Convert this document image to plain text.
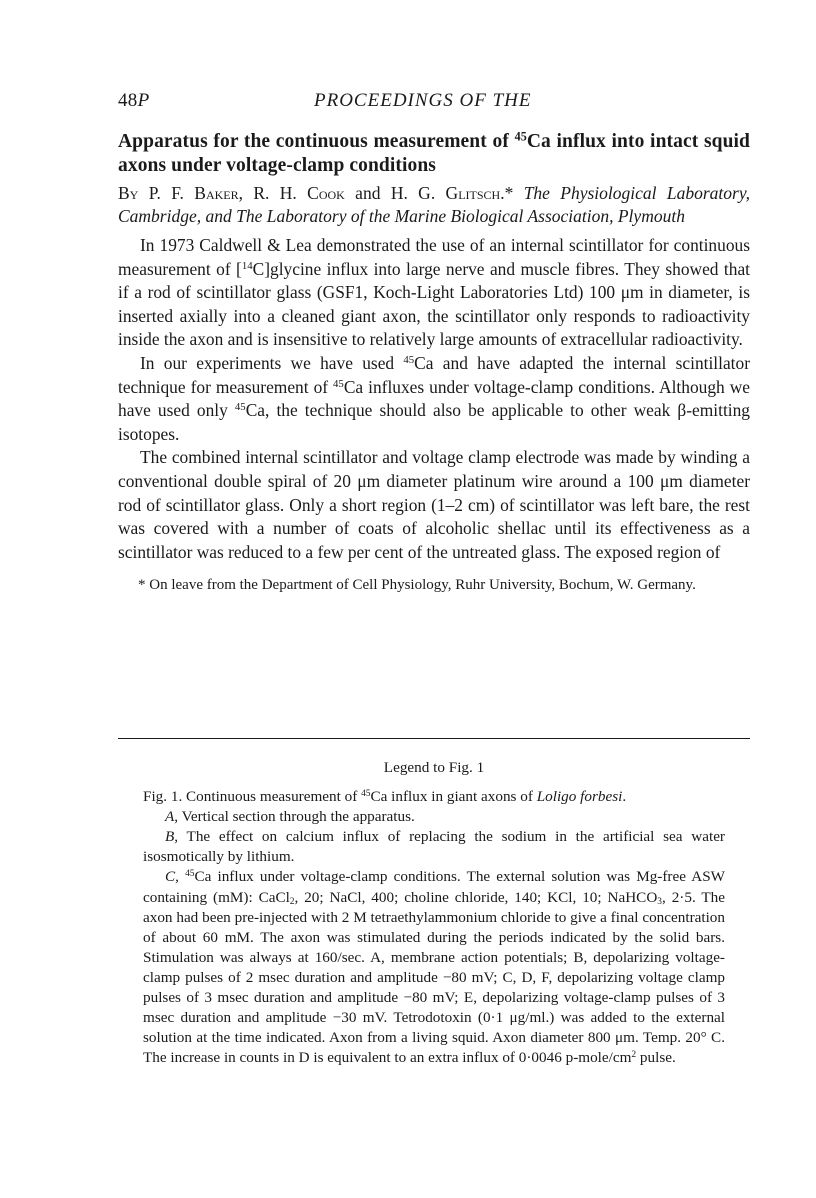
48P	PROCEEDINGS OF THE
Apparatus for the continuous measurement of $^{45}$Ca influx into intact squid axons under voltage-clamp conditions
By P. F. Baker, R. H. Cook and H. G. Glitsch.* The Physiological Laboratory, Cambridge, and The Laboratory of the Marine Biological Association, Plymouth

In 1973 Caldwell & Lea demonstrated the use of an internal scintillator for continuous measurement of [$^{14}$C]glycine influx into large nerve and muscle fibres. They showed that if a rod of scintillator glass (GSF1, Koch-Light Laboratories Ltd) 100 μm in diameter, is inserted axially into a cleaned giant axon, the scintillator only responds to radioactivity inside the axon and is insensitive to relatively large amounts of extracellular radioactivity.

In our experiments we have used $^{45}$Ca and have adapted the internal scintillator technique for measurement of $^{45}$Ca influxes under voltage-clamp conditions. Although we have used only $^{45}$Ca, the technique should also be applicable to other weak β-emitting isotopes.

The combined internal scintillator and voltage clamp electrode was made by winding a conventional double spiral of 20 μm diameter platinum wire around a 100 μm diameter rod of scintillator glass. Only a short region (1–2 cm) of scintillator was left bare, the rest was covered with a number of coats of alcoholic shellac until its effectiveness as a scintillator was reduced to a few per cent of the untreated glass. The exposed region of

* On leave from the Department of Cell Physiology, Ruhr University, Bochum, W. Germany.
Legend to Fig. 1

Fig. 1. Continuous measurement of $^{45}$Ca influx in giant axons of Loligo forbesi.

A, Vertical section through the apparatus.

B, The effect on calcium influx of replacing the sodium in the artificial sea water isosmotically by lithium.

C, $^{45}$Ca influx under voltage-clamp conditions. The external solution was Mg-free ASW containing (mM): CaCl$_2$, 20; NaCl, 400; choline chloride, 140; KCl, 10; NaHCO$_3$, 2·5. The axon had been pre-injected with 2 M tetraethylammonium chloride to give a final concentration of about 60 mM. The axon was stimulated during the periods indicated by the solid bars. Stimulation was always at 160/sec. A, membrane action potentials; B, depolarizing voltage-clamp pulses of 2 msec duration and amplitude −80 mV; C, D, F, depolarizing voltage clamp pulses of 3 msec duration and amplitude −80 mV; E, depolarizing voltage-clamp pulses of 3 msec duration and amplitude −30 mV. Tetrodotoxin (0·1 μg/ml.) was added to the external solution at the time indicated. Axon from a living squid. Axon diameter 800 μm. Temp. 20° C. The increase in counts in D is equivalent to an extra influx of 0·0046 $p-mole/cm^2$ pulse.
